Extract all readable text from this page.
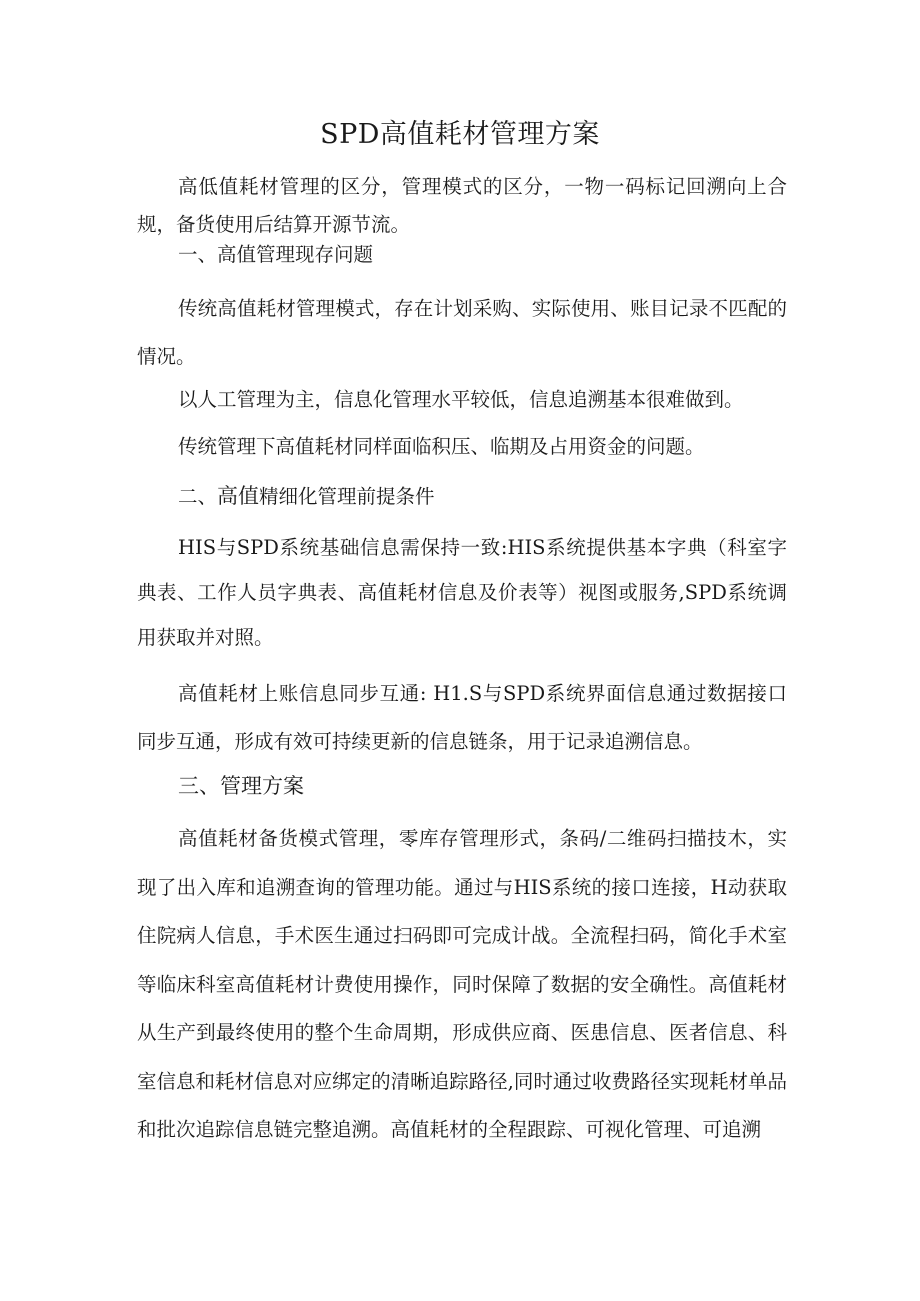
SPD高值耗材管理方案

高低值耗材管理的区分，管理模式的区分，一物一码标记回溯向上合规，备货使用后结算开源节流。

一、高值管理现存问题

传统高值耗材管理模式，存在计划采购、实际使用、账目记录不匹配的情况。

以人工管理为主，信息化管理水平较低，信息追溯基本很难做到。

传统管理下高值耗材同样面临积压、临期及占用资金的问题。

二、高值精细化管理前提条件

HIS与SPD系统基础信息需保持一致:HIS系统提供基本字典（科室字典表、工作人员字典表、高值耗材信息及价表等）视图或服务,SPD系统调用获取并对照。

高值耗材上账信息同步互通: H1.S与SPD系统界面信息通过数据接口同步互通，形成有效可持续更新的信息链条，用于记录追溯信息。

三、管理方案

高值耗材备货模式管理，零库存管理形式，条码/二维码扫描技木，实现了出入库和追溯查询的管理功能。通过与HIS系统的接口连接，H动获取住院病人信息，手术医生通过扫码即可完成计战。全流程扫码，简化手术室等临床科室高值耗材计费使用操作，同时保障了数据的安全确性。高值耗材从生产到最终使用的整个生命周期，形成供应商、医患信息、医者信息、科室信息和耗材信息对应绑定的清晰追踪路径,同时通过收费路径实现耗材单品和批次追踪信息链完整追溯。高值耗材的全程跟踪、可视化管理、可追溯
